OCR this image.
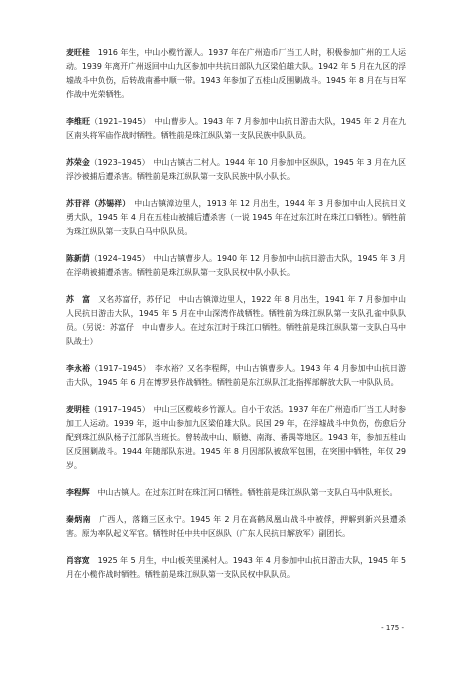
麦旺桂　1916 年生，中山小榄竹源人。1937 年在广州造币厂当工人时，积极参加广州的工人运动。1939 年离开广州返回中山九区参加中共抗日部队九区梁伯雄大队。1942 年 5 月在九区的浮墟战斗中负伤，后转战南番中顺一带。1943 年参加了五桂山反围剿战斗。1945 年 8 月在与日军作战中光荣牺牲。

李维旺（1921–1945）　中山曹步人。1943 年 7 月参加中山抗日游击大队，1945 年 2 月在九区南头将军庙作战时牺牲。牺牲前是珠江纵队第一支队民族中队队员。

苏荣金（1923–1945）　中山古镇古二村人。1944 年 10 月参加中区纵队，1945 年 3 月在九区浮沙被捕后遭杀害。牺牲前是珠江纵队第一支队民族中队小队长。

苏苷祥（苏锡祥）　中山古镇漳边里人，1913 年 12 月出生，1944 年 3 月参加中山人民抗日义勇大队，1945 年 4 月在五桂山被捕后遭杀害（一说 1945 年在过东江时在珠江口牺牲）。牺牲前为珠江纵队第一支队白马中队队员。

陈新荫（1924–1945）　中山古镇曹步人。1940 年 12 月参加中山抗日游击大队，1945 年 3 月在浮萌被捕遭杀害。牺牲前是珠江纵队第一支队民权中队小队长。

苏　富　又名苏富仔，苏仔记　中山古镇漳边里人，1922 年 8 月出生，1941 年 7 月参加中山人民抗日游击大队，1945 年 5 月在中山深湾作战牺牲。牺牲前为珠江纵队第一支队孔雀中队队员。（另说：苏富仔　中山曹步人。在过东江时于珠江口牺牲。牺牲前是珠江纵队第一支队白马中队战士）

李永裕（1917–1945）　李水裕？又名李程辉，中山古镇曹步人。1943 年 4 月参加中山抗日游击大队，1945 年 6 月在博罗县作战牺牲。牺牲前是东江纵队江北指挥部解放大队一中队队员。

麦明桂（1917–1945）　中山三区榄岐乡竹源人。自小于农活。1937 年在广州造币厂当工人时参加工人运动。1939 年，返中山参加九区梁伯雄大队。民国 29 年，在浮墟战斗中负伤，伤愈后分配到珠江纵队杨子江部队当班长。曾转战中山、顺德、南海、番禺等地区。1943 年，参加五桂山区反围剿战斗。1944 年随部队东进。1945 年 8 月因部队被敌军包围，在突围中牺牲，年仅 29 岁。

李程辉　中山古镇人。在过东江时在珠江河口牺牲。牺牲前是珠江纵队第一支队白马中队班长。

秦炳南　广西人，落籍三区永宁。1945 年 2 月在高鹤凤凰山战斗中被俘，押解到新兴县遭杀害。原为率队起义军官。牺牲时任中共中区纵队（广东人民抗日解放军）副团长。

肖容宽　1925 年 5 月生，中山板芙里溪村人。1943 年 4 月参加中山抗日游击大队，1945 年 5 月在小榄作战时牺牲。牺牲前是珠江纵队第一支队民权中队队员。

- 175 -
